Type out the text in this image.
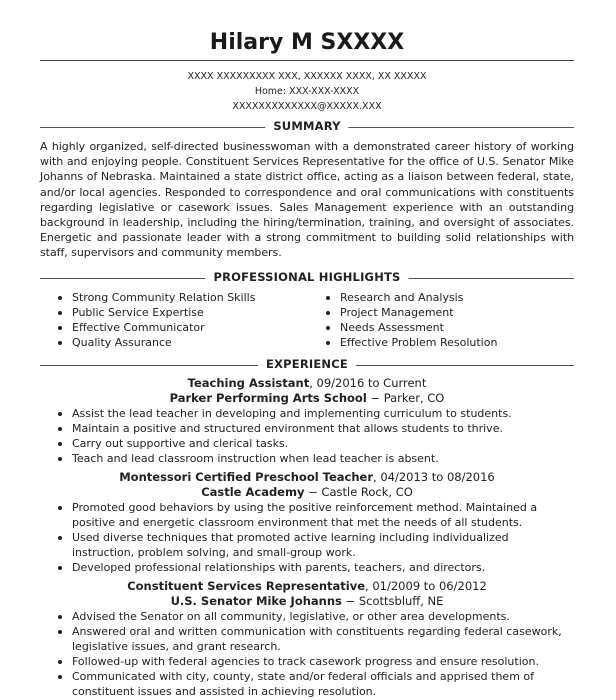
Hilary M SXXXX
XXXX XXXXXXXXX XXX, XXXXXX XXXX, XX XXXXX
Home: XXX-XXX-XXXX
XXXXXXXXXXXXX@XXXXX.XXX
SUMMARY
A highly organized, self-directed businesswoman with a demonstrated career history of working with and enjoying people. Constituent Services Representative for the office of U.S. Senator Mike Johanns of Nebraska. Maintained a state district office, acting as a liaison between federal, state, and/or local agencies. Responded to correspondence and oral communications with constituents regarding legislative or casework issues. Sales Management experience with an outstanding background in leadership, including the hiring/termination, training, and oversight of associates. Energetic and passionate leader with a strong commitment to building solid relationships with staff, supervisors and community members.
PROFESSIONAL HIGHLIGHTS
Strong Community Relation Skills
Public Service Expertise
Effective Communicator
Quality Assurance
Research and Analysis
Project Management
Needs Assessment
Effective Problem Resolution
EXPERIENCE
Teaching Assistant, 09/2016 to Current
Parker Performing Arts School − Parker, CO
Assist the lead teacher in developing and implementing curriculum to students.
Maintain a positive and structured environment that allows students to thrive.
Carry out supportive and clerical tasks.
Teach and lead classroom instruction when lead teacher is absent.
Montessori Certified Preschool Teacher, 04/2013 to 08/2016
Castle Academy − Castle Rock, CO
Promoted good behaviors by using the positive reinforcement method. Maintained a positive and energetic classroom environment that met the needs of all students.
Used diverse techniques that promoted active learning including individualized instruction, problem solving, and small-group work.
Developed professional relationships with parents, teachers, and directors.
Constituent Services Representative, 01/2009 to 06/2012
U.S. Senator Mike Johanns − Scottsbluff, NE
Advised the Senator on all community, legislative, or other area developments.
Answered oral and written communication with constituents regarding federal casework, legislative issues, and grant research.
Followed-up with federal agencies to track casework progress and ensure resolution.
Communicated with city, county, state and/or federal officials and apprised them of constituent issues and assisted in achieving resolution.
